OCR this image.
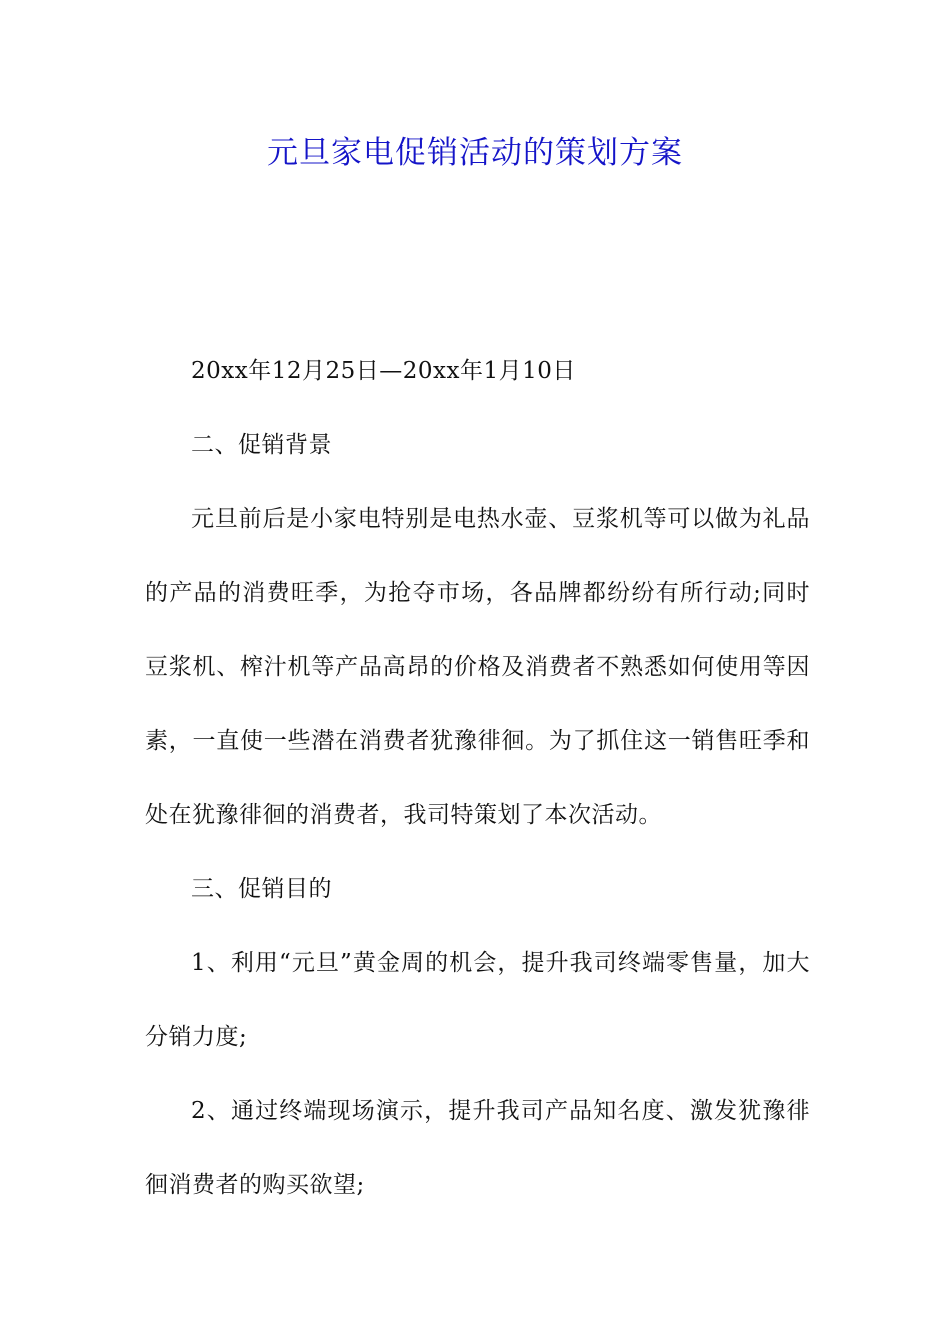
元旦家电促销活动的策划方案

20xx年12月25日—20xx年1月10日

二、促销背景

元旦前后是小家电特别是电热水壶、豆浆机等可以做为礼品的产品的消费旺季，为抢夺市场，各品牌都纷纷有所行动;同时豆浆机、榨汁机等产品高昂的价格及消费者不熟悉如何使用等因素，一直使一些潜在消费者犹豫徘徊。为了抓住这一销售旺季和处在犹豫徘徊的消费者，我司特策划了本次活动。

三、促销目的

1、利用“元旦”黄金周的机会，提升我司终端零售量，加大分销力度;

2、通过终端现场演示，提升我司产品知名度、激发犹豫徘徊消费者的购买欲望;
